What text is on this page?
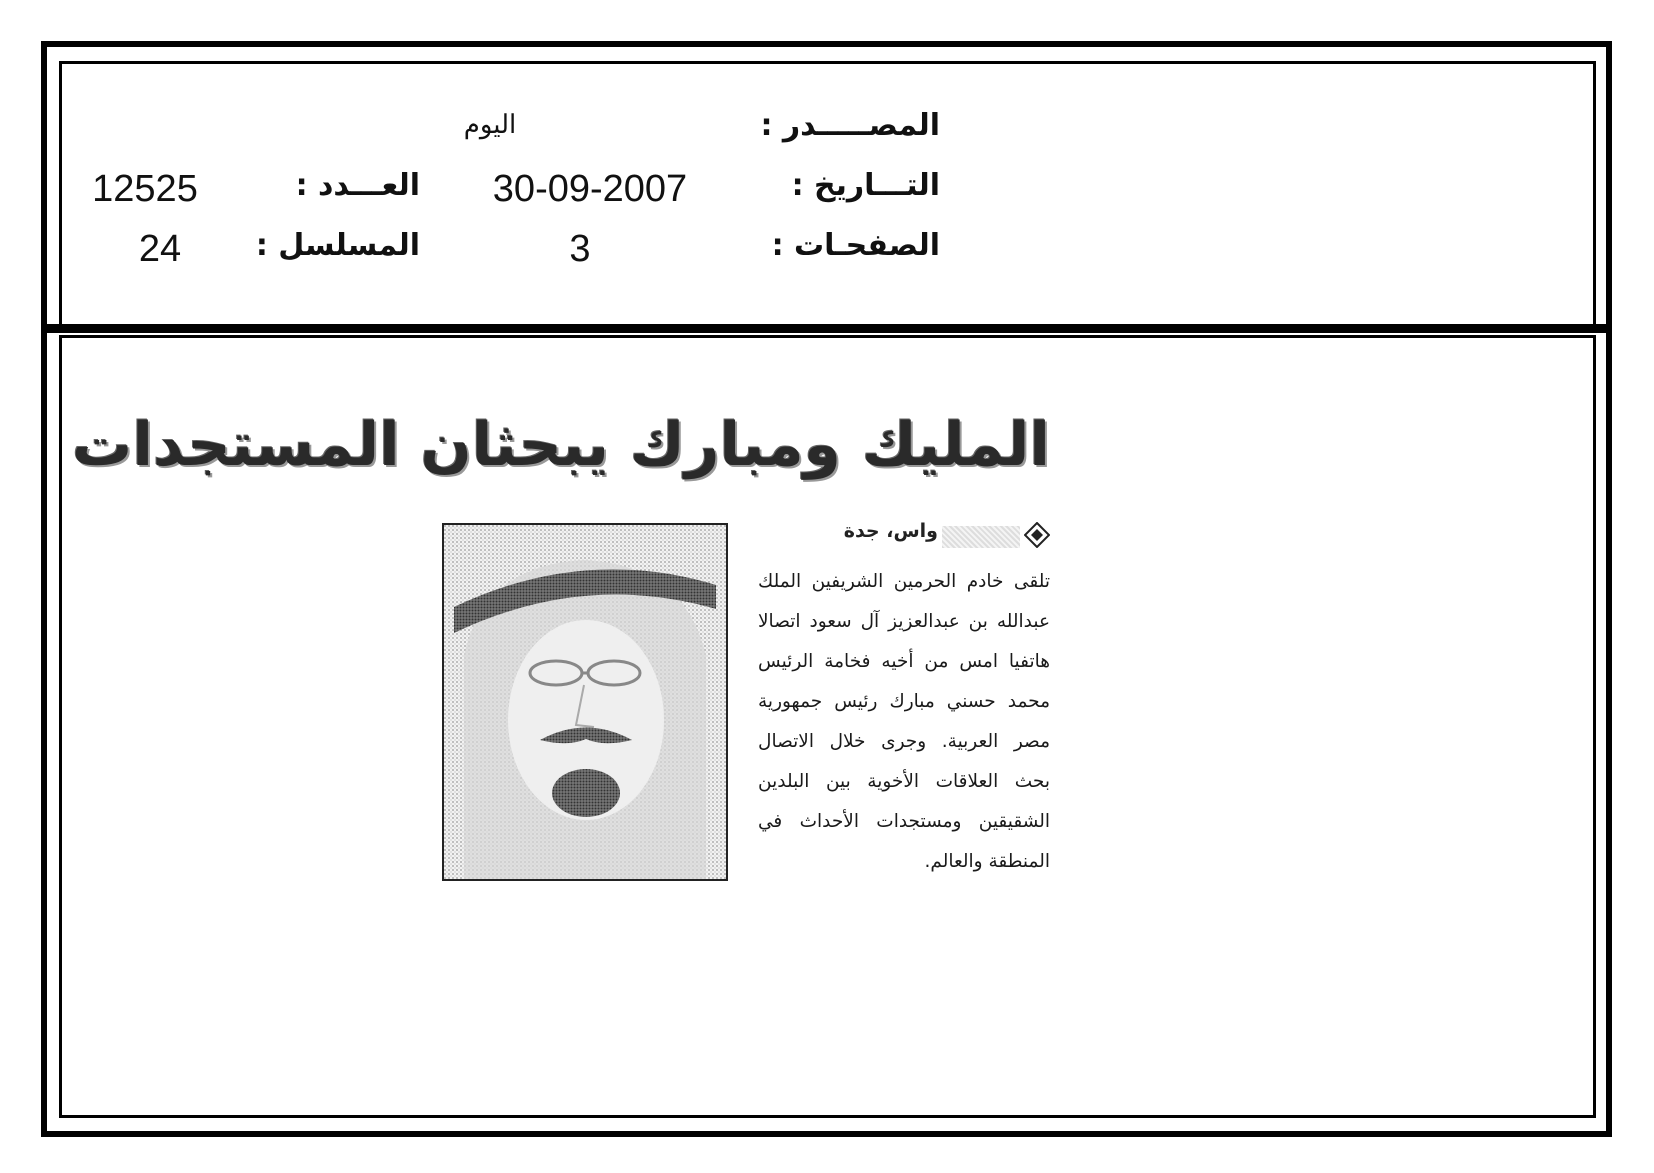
المصـــــدر :
اليوم
التـــاريخ :
30-09-2007
الصفحـات :
3
العـــدد :
12525
المسلسل :
24
المليك ومبارك يبحثان المستجدات
واس، جدة

تلقى خادم الحرمين الشريفين الملك عبدالله بن عبدالعزيز آل سعود اتصالا هاتفيا امس من أخيه فخامة الرئيس محمد حسني مبارك رئيس جمهورية مصر العربية. وجرى خلال الاتصال بحث العلاقات الأخوية بين البلدين الشقيقين ومستجدات الأحداث في المنطقة والعالم.
